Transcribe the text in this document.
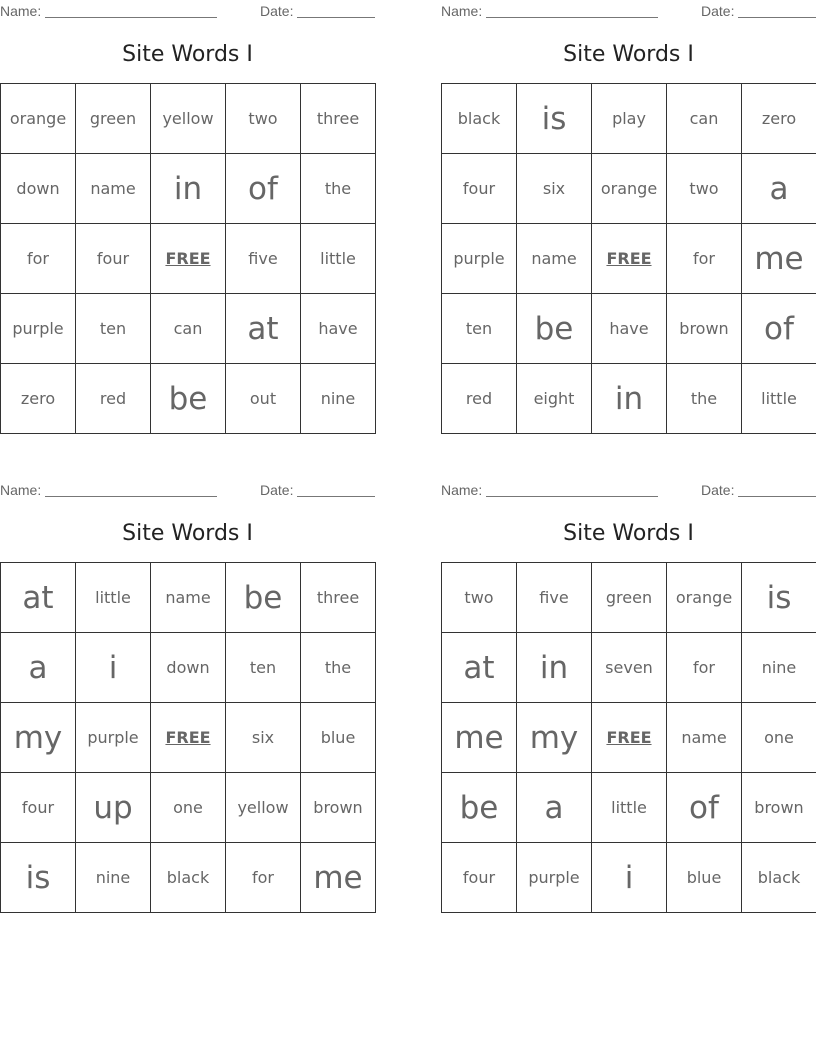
Name:	Date:
Site Words I
orange	green	yellow	two	three
down	name	in	of	the
for	four	FREE	five	little
purple	ten	can	at	have
zero	red	be	out	nine
Name:	Date:
Site Words I
black	is	play	can	zero
four	six	orange	two	a
purple	name	FREE	for	me
ten	be	have	brown	of
red	eight	in	the	little
Name:	Date:
Site Words I
at	little	name	be	three
a	i	down	ten	the
my	purple	FREE	six	blue
four	up	one	yellow	brown
is	nine	black	for	me
Name:	Date:
Site Words I
two	five	green	orange	is
at	in	seven	for	nine
me	my	FREE	name	one
be	a	little	of	brown
four	purple	i	blue	black
